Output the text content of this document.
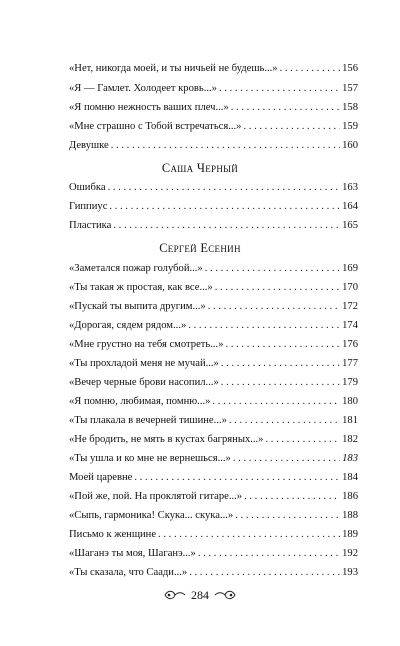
«Нет, никогда моей, и ты ничьей не будешь...» . . .	156
«Я — Гамлет. Холодеет кровь...» . . .	157
«Я помню нежность ваших плеч...» . . .	158
«Мне страшно с Тобой встречаться...» . . .	159
Девушке . . .	160
Саша Черный
Ошибка . . .	163
Гиппиус . . .	164
Пластика . . .	165
Сергей Есенин
«Заметался пожар голубой...» . . .	169
«Ты такая ж простая, как все...» . . .	170
«Пускай ты выпита другим...» . . .	172
«Дорогая, сядем рядом...» . . .	174
«Мне грустно на тебя смотреть...» . . .	176
«Ты прохладой меня не мучай...» . . .	177
«Вечер черные брови насопил...» . . .	179
«Я помню, любимая, помню...» . . .	180
«Ты плакала в вечерней тишине...» . . .	181
«Не бродить, не мять в кустах багряных...» . . .	182
«Ты ушла и ко мне не вернешься...» . . .	183
Моей царевне . . .	184
«Пой же, пой. На проклятой гитаре...» . . .	186
«Сыпь, гармоника! Скука... скука...» . . .	188
Письмо к женщине . . .	189
«Шаганэ ты моя, Шаганэ...» . . .	192
«Ты сказала, что Саади...» . . .	193
284
